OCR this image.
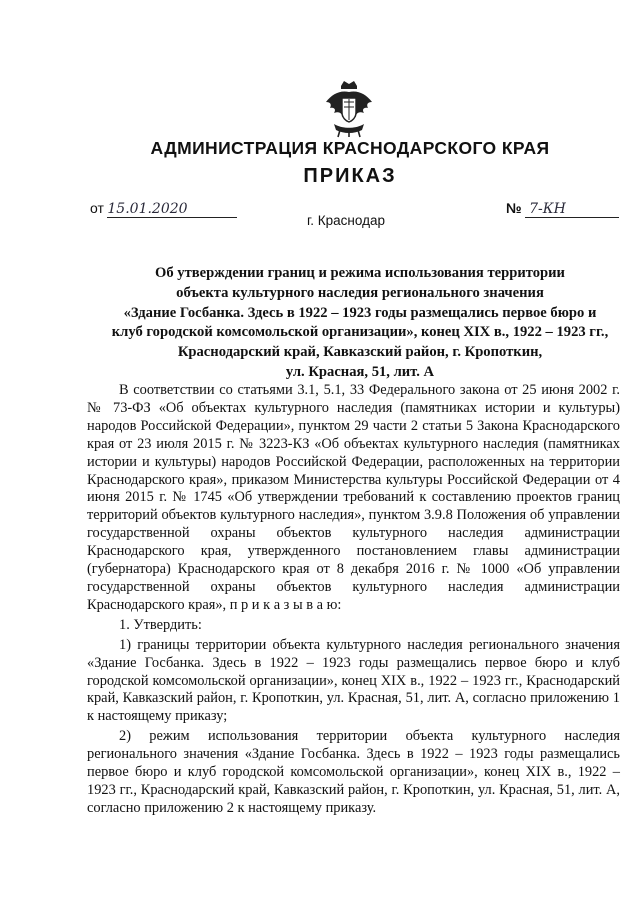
АДМИНИСТРАЦИЯ КРАСНОДАРСКОГО КРАЯ
ПРИКАЗ
от 15.01.2020	№ 7-КН
г. Краснодар
Об утверждении границ и режима использования территории
объекта культурного наследия регионального значения
«Здание Госбанка. Здесь в 1922 – 1923 годы размещались первое бюро и
клуб городской комсомольской организации», конец XIX в., 1922 – 1923 гг.,
Краснодарский край, Кавказский район, г. Кропоткин,
ул. Красная, 51, лит. А

В соответствии со статьями 3.1, 5.1, 33 Федерального закона от 25 июня 2002 г. № 73-ФЗ «Об объектах культурного наследия (памятниках истории и культуры) народов Российской Федерации», пунктом 29 части 2 статьи 5 Закона Краснодарского края от 23 июля 2015 г. № 3223-КЗ «Об объектах культурного наследия (памятниках истории и культуры) народов Российской Федерации, расположенных на территории Краснодарского края», приказом Министерства культуры Российской Федерации от 4 июня 2015 г. № 1745 «Об утверждении требований к составлению проектов границ территорий объектов культурного наследия», пунктом 3.9.8 Положения об управлении государственной охраны объектов культурного наследия администрации Краснодарского края, утвержденного постановлением главы администрации (губернатора) Краснодарского края от 8 декабря 2016 г. № 1000 «Об управлении государственной охраны объектов культурного наследия администрации Краснодарского края», п р и к а з ы в а ю:

1. Утвердить:

1) границы территории объекта культурного наследия регионального значения «Здание Госбанка. Здесь в 1922 – 1923 годы размещались первое бюро и клуб городской комсомольской организации», конец XIX в., 1922 – 1923 гг., Краснодарский край, Кавказский район, г. Кропоткин, ул. Красная, 51, лит. А, согласно приложению 1 к настоящему приказу;

2) режим использования территории объекта культурного наследия регионального значения «Здание Госбанка. Здесь в 1922 – 1923 годы размещались первое бюро и клуб городской комсомольской организации», конец XIX в., 1922 – 1923 гг., Краснодарский край, Кавказский район, г. Кропоткин, ул. Красная, 51, лит. А, согласно приложению 2 к настоящему приказу.
